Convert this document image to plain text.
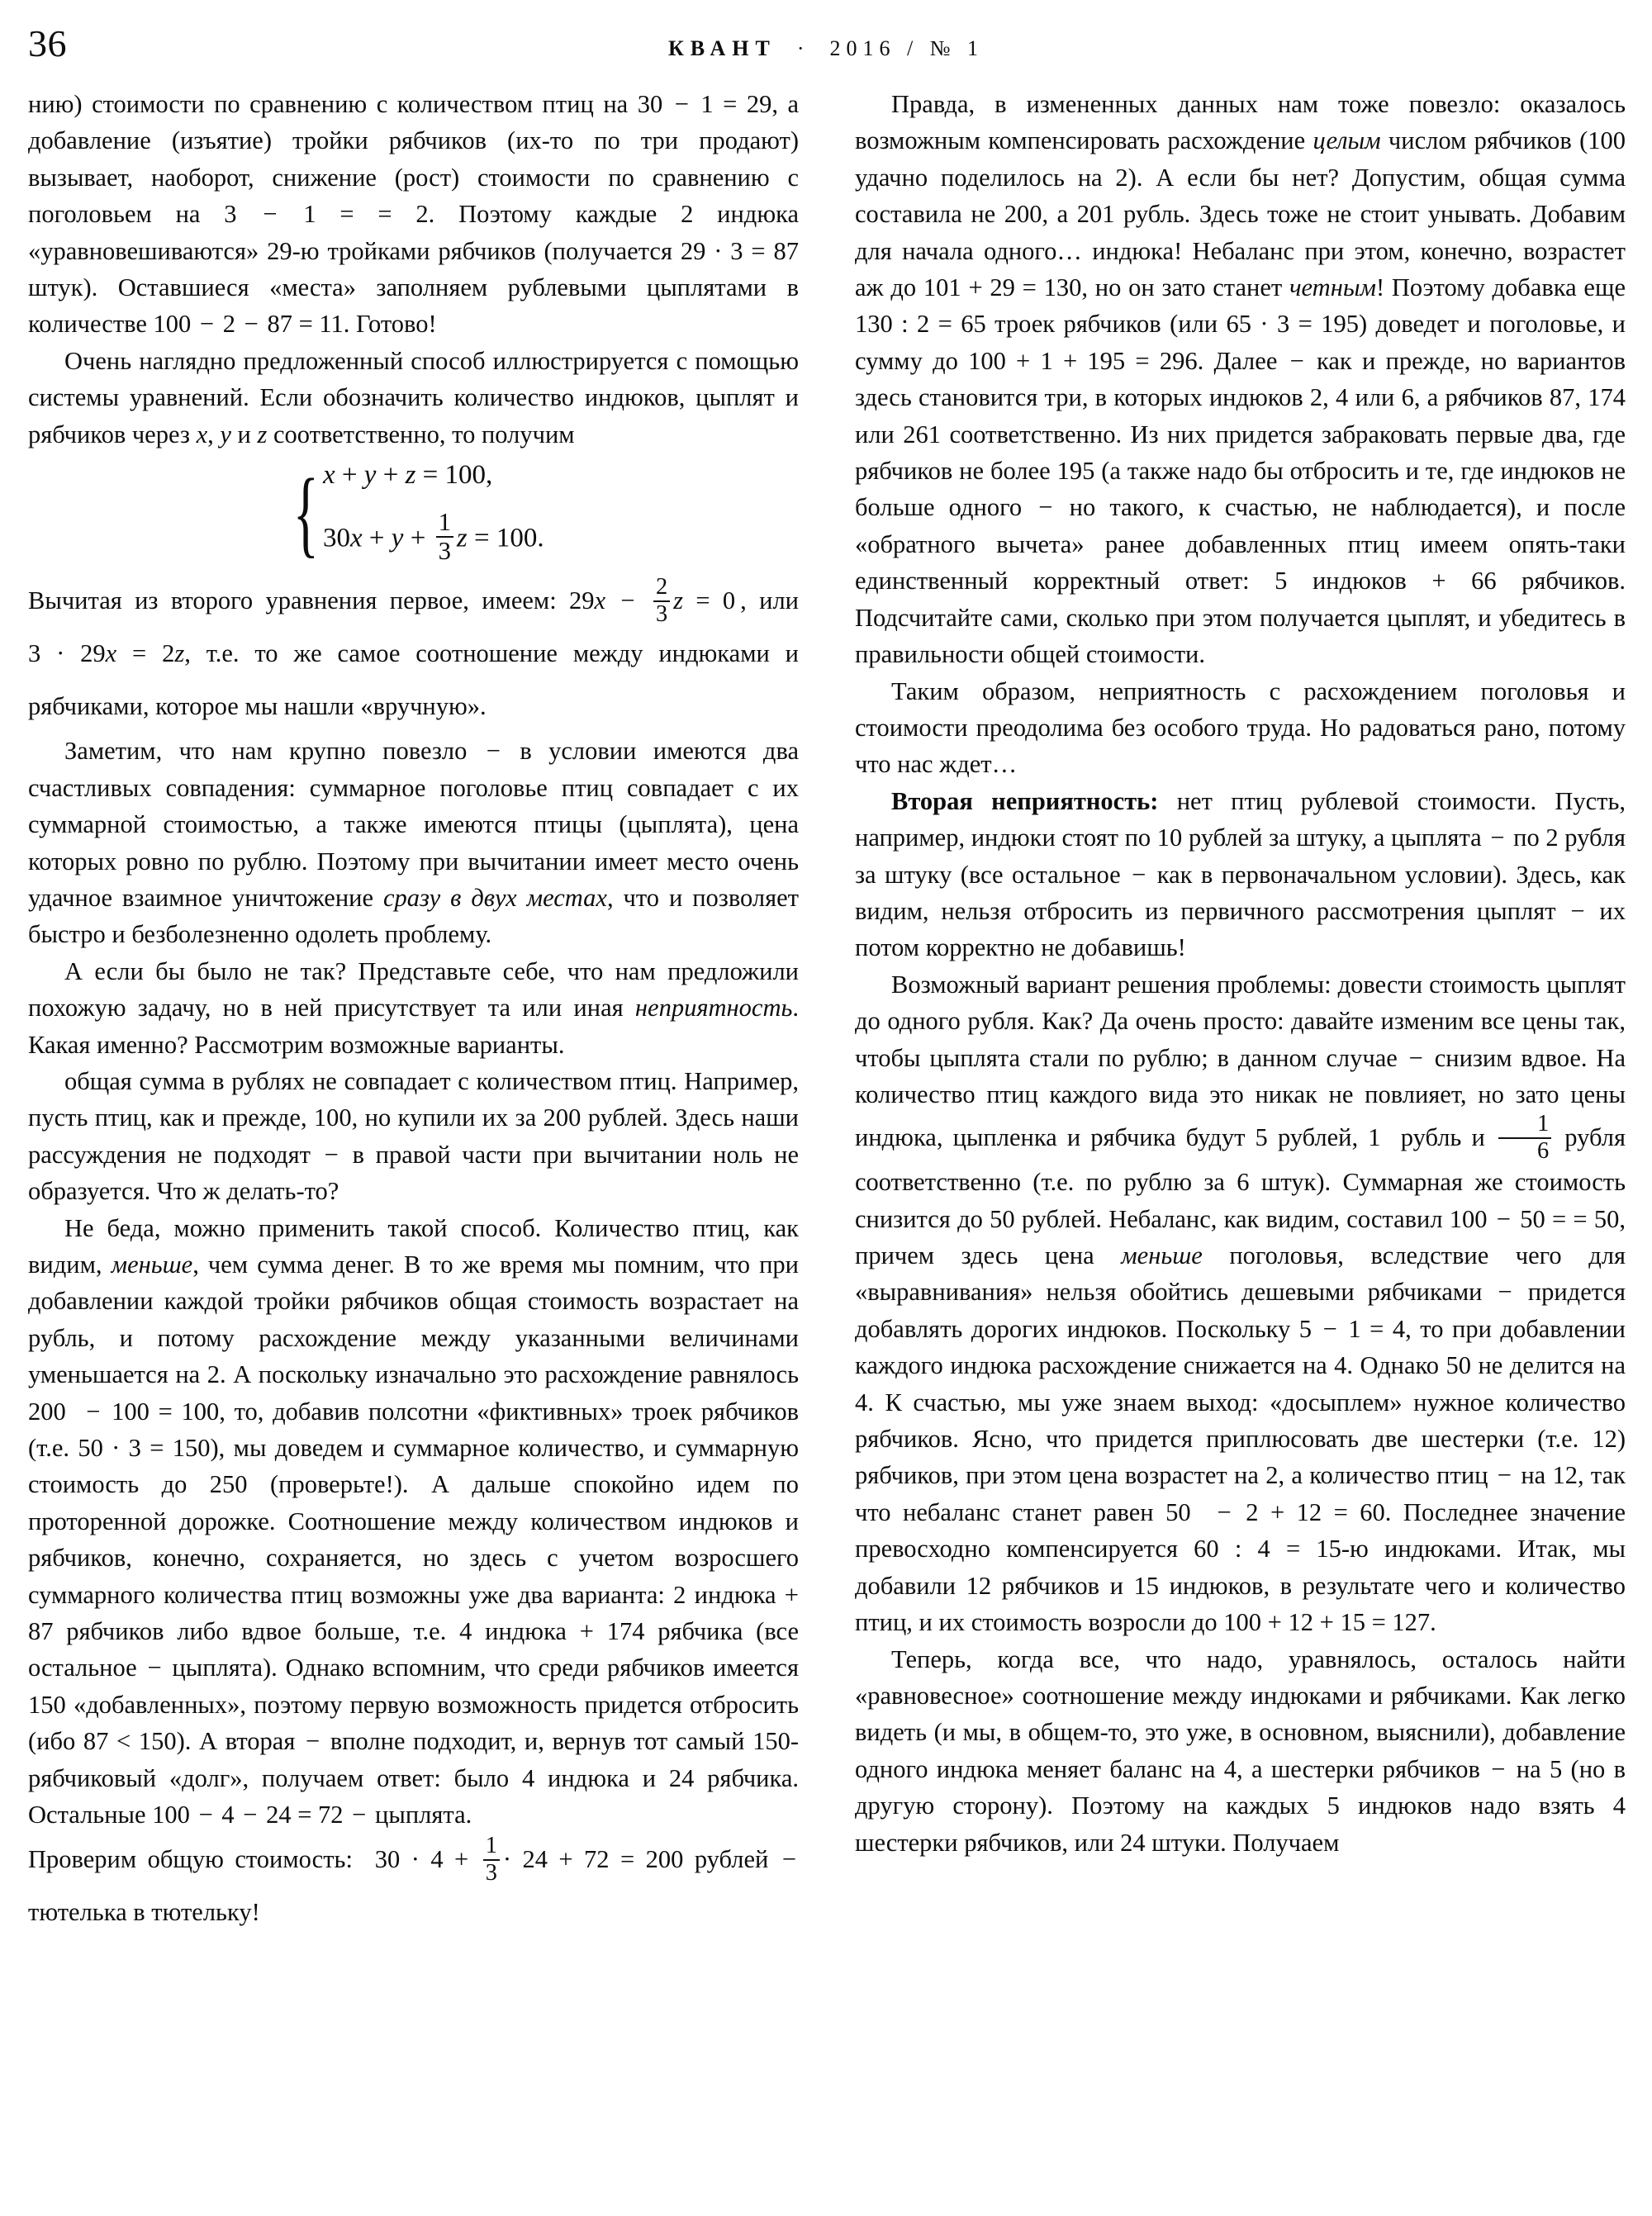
36	КВАНТ  ·  2016 / № 1

нию) стоимости по сравнению с количеством птиц на 30 − 1 = 29, а добавление (изъятие) тройки рябчиков (их-то по три продают) вызывает, наоборот, снижение (рост) стоимости по сравнению с поголовьем на 3 − 1 = = 2. Поэтому каждые 2 индюка «уравновешиваются» 29-ю тройками рябчиков (получается 29 · 3 = 87 штук). Оставшиеся «места» заполняем рублевыми цыплятами в количестве 100 − 2 − 87 = 11. Готово!

Очень наглядно предложенный способ иллюстрируется с помощью системы уравнений. Если обозначить количество индюков, цыплят и рябчиков через x, y и z соответственно, то получим

{ x + y + z = 100,
$30x + y + \frac{1}{3}$ z = 100.

Вычитая из второго уравнения первое, имеем: $29x - \frac{2}{3}$ z = 0 , или 3 · 29x = 2z, т.е. то же самое соотношение между индюками и рябчиками, которое мы нашли «вручную».

Заметим, что нам крупно повезло − в условии имеются два счастливых совпадения: суммарное поголовье птиц совпадает с их суммарной стоимостью, а также имеются птицы (цыплята), цена которых ровно по рублю. Поэтому при вычитании имеет место очень удачное взаимное уничтожение сразу в двух местах, что и позволяет быстро и безболезненно одолеть проблему.

А если бы было не так? Представьте себе, что нам предложили похожую задачу, но в ней присутствует та или иная неприятность. Какая именно? Рассмотрим возможные варианты.

общая сумма в рублях не совпадает с количеством птиц. Например, пусть птиц, как и прежде, 100, но купили их за 200 рублей. Здесь наши рассуждения не подходят − в правой части при вычитании ноль не образуется. Что ж делать-то?

Не беда, можно применить такой способ. Количество птиц, как видим, меньше, чем сумма денег. В то же время мы помним, что при добавлении каждой тройки рябчиков общая стоимость возрастает на рубль, и потому расхождение между указанными величинами уменьшается на 2. А поскольку изначально это расхождение равнялось 200  − 100 = 100, то, добавив полсотни «фиктивных» троек рябчиков (т.е. 50 · 3 = 150), мы доведем и суммарное количество, и суммарную стоимость до 250 (проверьте!). А дальше спокойно идем по проторенной дорожке. Соотношение между количеством индюков и рябчиков, конечно, сохраняется, но здесь с учетом возросшего суммарного количества птиц возможны уже два варианта: 2 индюка + 87 рябчиков либо вдвое больше, т.е. 4 индюка + 174 рябчика (все остальное − цыплята). Однако вспомним, что среди рябчиков имеется 150 «добавленных», поэтому первую возможность придется отбросить (ибо 87 < 150). А вторая − вполне подходит, и, вернув тот самый 150-рябчиковый «долг», получаем ответ: было 4 индюка и 24 рябчика. Остальные 100 − 4 − 24 = 72 − цыплята.

Проверим общую стоимость:  $30 \cdot 4 + \frac{1}{3} \cdot 24 + 72 = 200$ рублей − тютелька в тютельку!

Правда, в измененных данных нам тоже повезло: оказалось возможным компенсировать расхождение целым числом рябчиков (100 удачно поделилось на 2). А если бы нет? Допустим, общая сумма составила не 200, а 201 рубль. Здесь тоже не стоит унывать. Добавим для начала одного… индюка! Небаланс при этом, конечно, возрастет аж до 101 + 29 = 130, но он зато станет четным! Поэтому добавка еще 130 : 2 = 65 троек рябчиков (или 65 · 3 = 195) доведет и поголовье, и сумму до 100 + 1 + 195 = 296. Далее − как и прежде, но вариантов здесь становится три, в которых индюков 2, 4 или 6, а рябчиков 87, 174 или 261 соответственно. Из них придется забраковать первые два, где рябчиков не более 195 (а также надо бы отбросить и те, где индюков не больше одного − но такого, к счастью, не наблюдается), и после «обратного вычета» ранее добавленных птиц имеем опять-таки единственный корректный ответ: 5 индюков + 66 рябчиков. Подсчитайте сами, сколько при этом получается цыплят, и убедитесь в правильности общей стоимости.

Таким образом, неприятность с расхождением поголовья и стоимости преодолима без особого труда. Но радоваться рано, потому что нас ждет…

Вторая неприятность: нет птиц рублевой стоимости. Пусть, например, индюки стоят по 10 рублей за штуку, а цыплята − по 2 рубля за штуку (все остальное − как в первоначальном условии). Здесь, как видим, нельзя отбросить из первичного рассмотрения цыплят − их потом корректно не добавишь!

Возможный вариант решения проблемы: довести стоимость цыплят до одного рубля. Как? Да очень просто: давайте изменим все цены так, чтобы цыплята стали по рублю; в данном случае − снизим вдвое. На количество птиц каждого вида это никак не повлияет, но зато цены индюка, цыпленка и рябчика будут 5 рублей, 1  рубль и $\frac{1}{6}$ рубля соответственно (т.е. по рублю за 6 штук). Суммарная же стоимость снизится до 50 рублей. Небаланс, как видим, составил 100 − 50 = = 50, причем здесь цена меньше поголовья, вследствие чего для «выравнивания» нельзя обойтись дешевыми рябчиками − придется добавлять дорогих индюков. Поскольку 5 − 1 = 4, то при добавлении каждого индюка расхождение снижается на 4. Однако 50 не делится на 4. К счастью, мы уже знаем выход: «досыплем» нужное количество рябчиков. Ясно, что придется приплюсовать две шестерки (т.е. 12) рябчиков, при этом цена возрастет на 2, а количество птиц − на 12, так что небаланс станет равен 50  − 2 + 12 = 60. Последнее значение превосходно компенсируется 60 : 4 = 15-ю индюками. Итак, мы добавили 12 рябчиков и 15 индюков, в результате чего и количество птиц, и их стоимость возросли до 100 + 12 + 15 = 127.

Теперь, когда все, что надо, уравнялось, осталось найти «равновесное» соотношение между индюками и рябчиками. Как легко видеть (и мы, в общем-то, это уже, в основном, выяснили), добавление одного индюка меняет баланс на 4, а шестерки рябчиков − на 5 (но в другую сторону). Поэтому на каждых 5 индюков надо взять 4 шестерки рябчиков, или 24 штуки. Получаем
